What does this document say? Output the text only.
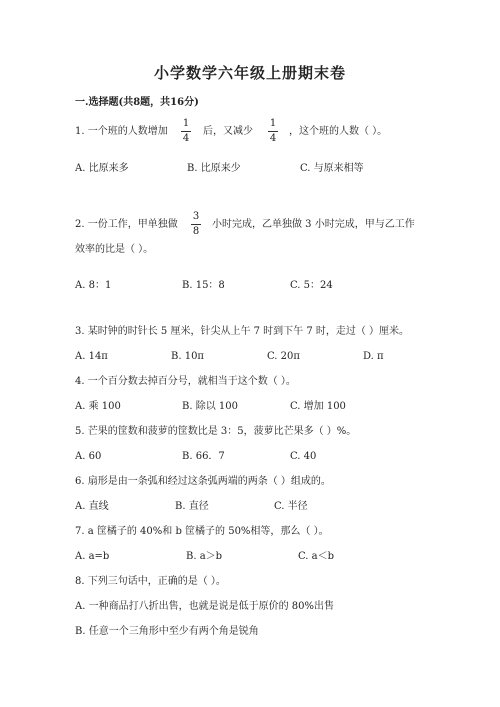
小学数学六年级上册期末卷
一.选择题(共8题，共16分)
1. 一个班的人数增加
1
4
后，又减少
1
4
，这个班的人数（ ）。
A. 比原来多	B. 比原来少	C. 与原来相等
2. 一份工作，甲单独做
3
8
小时完成，乙单独做 3 小时完成，甲与乙工作
效率的比是（ ）。
A. 8：1	B. 15：8	C. 5：24
3. 某时钟的时针长 5 厘米，针尖从上午 7 时到下午 7 时，走过（ ）厘米。
A. 14π	B. 10π	C. 20π	D. π
4. 一个百分数去掉百分号，就相当于这个数（ ）。
A. 乘 100	B. 除以 100	C. 增加 100
5. 芒果的筐数和菠萝的筐数比是 3：5，菠萝比芒果多（ ）%。
A. 60	B. 66．7	C. 40
6. 扇形是由一条弧和经过这条弧两端的两条（ ）组成的。
A. 直线	B. 直径	C. 半径
7. a 筐橘子的 40%和 b 筐橘子的 50%相等，那么（ ）。
A. a=b	B. a＞b	C. a＜b
8. 下列三句话中，正确的是（ ）。
A. 一种商品打八折出售，也就是说是低于原价的 80%出售
B. 任意一个三角形中至少有两个角是锐角
